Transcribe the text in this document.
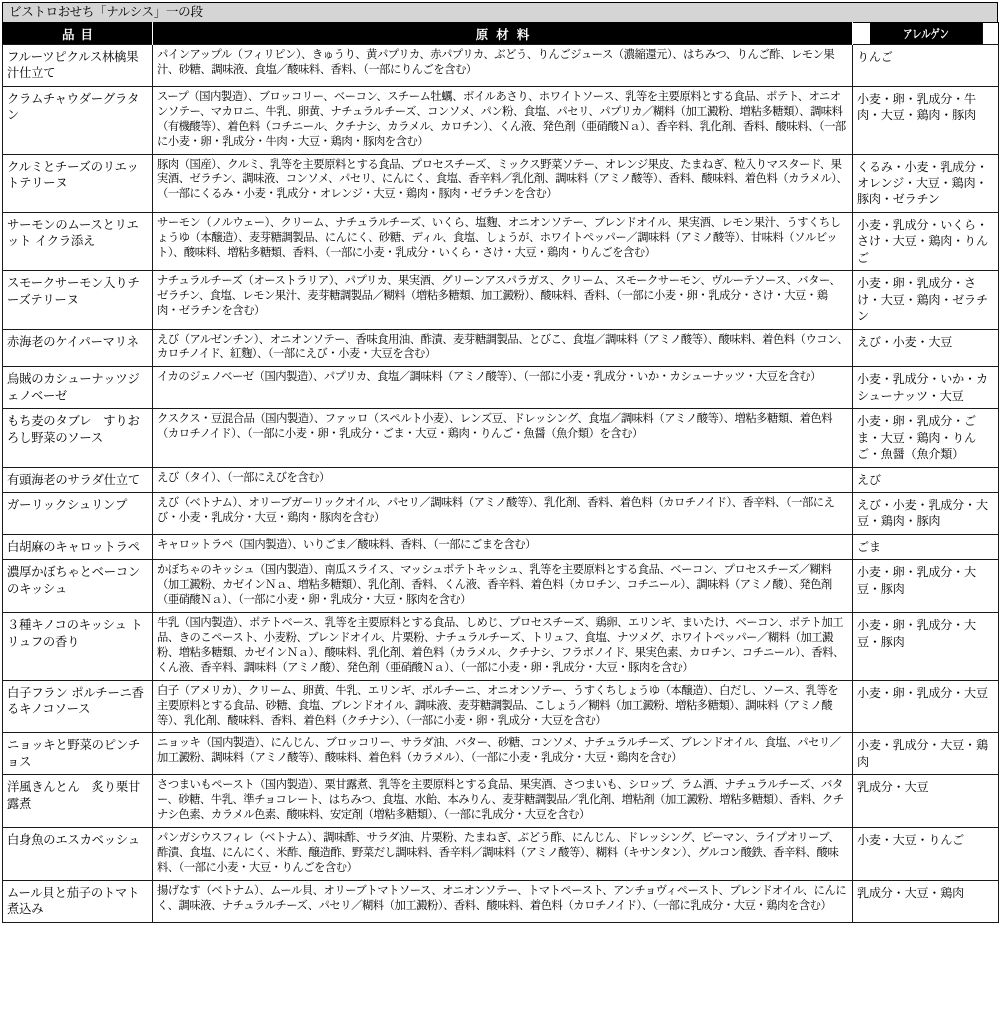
ビストロおせち「ナルシス」一の段
品目	原材料	アレルゲン
フルーツピクルス林檎果汁仕立て	パインアップル（フィリピン）、きゅうり、黄パプリカ、赤パプリカ、ぶどう、りんごジュース（濃縮還元）、はちみつ、りんご酢、レモン果汁、砂糖、調味液、食塩／酸味料、香料、（一部にりんごを含む）	りんご
クラムチャウダーグラタン	スープ（国内製造）、ブロッコリー、ベーコン、スチーム牡蠣、ボイルあさり、ホワイトソース、乳等を主要原料とする食品、ポテト、オニオンソテー、マカロニ、牛乳、卵黄、ナチュラルチーズ、コンソメ、パン粉、食塩、パセリ、パプリカ／糊料（加工澱粉、増粘多糖類）、調味料（有機酸等）、着色料（コチニール、クチナシ、カラメル、カロチン）、くん液、発色剤（亜硝酸Ｎａ）、香辛料、乳化剤、香料、酸味料、（一部に小麦・卵・乳成分・牛肉・大豆・鶏肉・豚肉を含む）	小麦・卵・乳成分・牛肉・大豆・鶏肉・豚肉
クルミとチーズのリエットテリーヌ	豚肉（国産）、クルミ、乳等を主要原料とする食品、プロセスチーズ、ミックス野菜ソテー、オレンジ果皮、たまねぎ、粒入りマスタード、果実酒、ゼラチン、調味液、コンソメ、パセリ、にんにく、食塩、香辛料／乳化剤、調味料（アミノ酸等）、香料、酸味料、着色料（カラメル）、（一部にくるみ・小麦・乳成分・オレンジ・大豆・鶏肉・豚肉・ゼラチンを含む）	くるみ・小麦・乳成分・オレンジ・大豆・鶏肉・豚肉・ゼラチン
サーモンのムースとリエット イクラ添え	サーモン（ノルウェー）、クリーム、ナチュラルチーズ、いくら、塩麴、オニオンソテー、ブレンドオイル、果実酒、レモン果汁、うすくちしょうゆ（本醸造）、麦芽糖調製品、にんにく、砂糖、ディル、食塩、しょうが、ホワイトペッパー／調味料（アミノ酸等）、甘味料（ソルビット）、酸味料、増粘多糖類、香料、（一部に小麦・乳成分・いくら・さけ・大豆・鶏肉・りんごを含む）	小麦・乳成分・いくら・さけ・大豆・鶏肉・りんご
スモークサーモン入りチーズテリーヌ	ナチュラルチーズ（オーストラリア）、パプリカ、果実酒、グリーンアスパラガス、クリーム、スモークサーモン、ヴルーテソース、バター、ゼラチン、食塩、レモン果汁、麦芽糖調製品／糊料（増粘多糖類、加工澱粉）、酸味料、香料、（一部に小麦・卵・乳成分・さけ・大豆・鶏肉・ゼラチンを含む）	小麦・卵・乳成分・さけ・大豆・鶏肉・ゼラチン
赤海老のケイパーマリネ	えび（アルゼンチン）、オニオンソテー、香味食用油、酢漬、麦芽糖調製品、とびこ、食塩／調味料（アミノ酸等）、酸味料、着色料（ウコン、カロチノイド、紅麴）、（一部にえび・小麦・大豆を含む）	えび・小麦・大豆
烏賊のカシューナッツジェノベーゼ	イカのジェノベーゼ（国内製造）、パプリカ、食塩／調味料（アミノ酸等）、（一部に小麦・乳成分・いか・カシューナッツ・大豆を含む）	小麦・乳成分・いか・カシューナッツ・大豆
もち麦のタブレ　すりおろし野菜のソース	クスクス・豆混合品（国内製造）、ファッロ（スペルト小麦）、レンズ豆、ドレッシング、食塩／調味料（アミノ酸等）、増粘多糖類、着色料（カロチノイド）、（一部に小麦・卵・乳成分・ごま・大豆・鶏肉・りんご・魚醤（魚介類）を含む）	小麦・卵・乳成分・ごま・大豆・鶏肉・りんご・魚醤（魚介類）
有頭海老のサラダ仕立て	えび（タイ）、（一部にえびを含む）	えび
ガーリックシュリンプ	えび（ベトナム）、オリーブガーリックオイル、パセリ／調味料（アミノ酸等）、乳化剤、香料、着色料（カロチノイド）、香辛料、（一部にえび・小麦・乳成分・大豆・鶏肉・豚肉を含む）	えび・小麦・乳成分・大豆・鶏肉・豚肉
白胡麻のキャロットラペ	キャロットラペ（国内製造）、いりごま／酸味料、香料、（一部にごまを含む）	ごま
濃厚かぼちゃとベーコンのキッシュ	かぼちゃのキッシュ（国内製造）、南瓜スライス、マッシュポテトキッシュ、乳等を主要原料とする食品、ベーコン、プロセスチーズ／糊料（加工澱粉、カゼインＮａ、増粘多糖類）、乳化剤、香料、くん液、香辛料、着色料（カロチン、コチニール）、調味料（アミノ酸）、発色剤（亜硝酸Ｎａ）、（一部に小麦・卵・乳成分・大豆・豚肉を含む）	小麦・卵・乳成分・大豆・豚肉
３種キノコのキッシュ トリュフの香り	牛乳（国内製造）、ポテトベース、乳等を主要原料とする食品、しめじ、プロセスチーズ、鶏卵、エリンギ、まいたけ、ベーコン、ポテト加工品、きのこペースト、小麦粉、ブレンドオイル、片栗粉、ナチュラルチーズ、トリュフ、食塩、ナツメグ、ホワイトペッパー／糊料（加工澱粉、増粘多糖類、カゼインＮａ）、酸味料、乳化剤、着色料（カラメル、クチナシ、フラボノイド、果実色素、カロチン、コチニール）、香料、くん液、香辛料、調味料（アミノ酸）、発色剤（亜硝酸Ｎａ）、（一部に小麦・卵・乳成分・大豆・豚肉を含む）	小麦・卵・乳成分・大豆・豚肉
白子フラン ポルチーニ香るキノコソース	白子（アメリカ）、クリーム、卵黄、牛乳、エリンギ、ポルチーニ、オニオンソテー、うすくちしょうゆ（本醸造）、白だし、ソース、乳等を主要原料とする食品、砂糖、食塩、ブレンドオイル、調味液、麦芽糖調製品、こしょう／糊料（加工澱粉、増粘多糖類）、調味料（アミノ酸等）、乳化剤、酸味料、香料、着色料（クチナシ）、（一部に小麦・卵・乳成分・大豆を含む）	小麦・卵・乳成分・大豆
ニョッキと野菜のピンチョス	ニョッキ（国内製造）、にんじん、ブロッコリー、サラダ油、バター、砂糖、コンソメ、ナチュラルチーズ、ブレンドオイル、食塩、パセリ／加工澱粉、調味料（アミノ酸等）、酸味料、着色料（カラメル）、（一部に小麦・乳成分・大豆・鶏肉を含む）	小麦・乳成分・大豆・鶏肉
洋風きんとん　炙り栗甘露煮	さつまいもペースト（国内製造）、栗甘露煮、乳等を主要原料とする食品、果実酒、さつまいも、シロップ、ラム酒、ナチュラルチーズ、バター、砂糖、牛乳、準チョコレート、はちみつ、食塩、水飴、本みりん、麦芽糖調製品／乳化剤、増粘剤（加工澱粉、増粘多糖類）、香料、クチナシ色素、カラメル色素、酸味料、安定剤（増粘多糖類）、（一部に乳成分・大豆を含む）	乳成分・大豆
白身魚のエスカベッシュ	パンガシウスフィレ（ベトナム）、調味酢、サラダ油、片栗粉、たまねぎ、ぶどう酢、にんじん、ドレッシング、ピーマン、ライプオリーブ、酢漬、食塩、にんにく、米酢、醸造酢、野菜だし調味料、香辛料／調味料（アミノ酸等）、糊料（キサンタン）、グルコン酸鉄、香辛料、酸味料、（一部に小麦・大豆・りんごを含む）	小麦・大豆・りんご
ムール貝と茄子のトマト煮込み	揚げなす（ベトナム）、ムール貝、オリーブトマトソース、オニオンソテー、トマトペースト、アンチョヴィペースト、ブレンドオイル、にんにく、調味液、ナチュラルチーズ、パセリ／糊料（加工澱粉）、香料、酸味料、着色料（カロチノイド）、（一部に乳成分・大豆・鶏肉を含む）	乳成分・大豆・鶏肉
